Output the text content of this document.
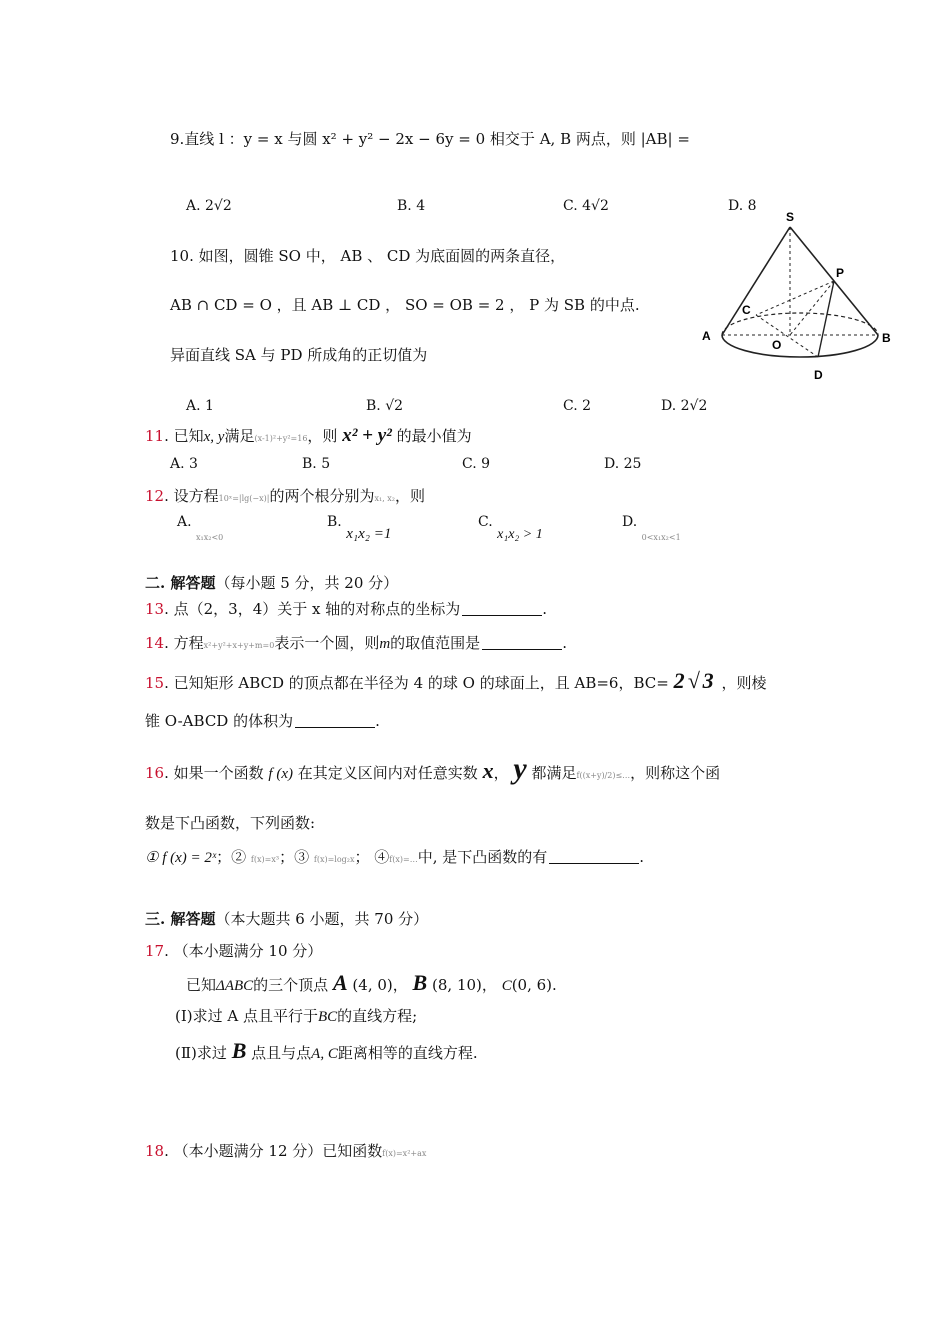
9.直线 l ：y = x 与圆 x² + y² − 2x − 6y = 0 相交于 A, B 两点，则 |AB| =
A. 2√2	B. 4	C. 4√2	D. 8
10. 如图，圆锥 SO 中， AB 、 CD 为底面圆的两条直径，
AB ∩ CD = O ，且 AB ⊥ CD ， SO = OB = 2 ， P 为 SB 的中点.
异面直线 SA 与 PD 所成角的正切值为
A. 1	B. √2	C. 2	D. 2√2
S
P
C
A
O	B
D
11. 已知x, y满足(x-1)²+y²=16，则 x² + y² 的最小值为
A. 3	B. 5	C. 9	D. 25
12. 设方程10ˣ=|lg(−x)|的两个根分别为x₁, x₂，则
A. $_{x_1x_2<0}$
B. x₁x₂ =1
C. x₁x₂ > 1
D. $_{0<x_1x_2<1}$
二. 解答题（每小题 5 分，共 20 分）
13. 点（2，3，4）关于 x 轴的对称点的坐标为	.
14. 方程x²+y²+x+y+m=0表示一个圆，则m的取值范围是	.
15. 已知矩形 ABCD 的顶点都在半径为 4 的球 O 的球面上，且 AB=6，BC= 2√3 ，则棱
锥 O-ABCD 的体积为	.
16. 如果一个函数 f (x) 在其定义区间内对任意实数 x， y 都满足f((x+y)/2)≤…，则称这个函
数是下凸函数，下列函数:
① f (x) = 2ˣ；② f(x)=x³；③ f(x)=log₂x； ④f(x)=…中, 是下凸函数的有	.
三. 解答题（本大题共 6 小题，共 70 分）
17. （本小题满分 10 分）
已知ΔABC的三个顶点 A (4, 0)， B (8, 10)， C(0, 6).
(Ⅰ)求过 A 点且平行于BC的直线方程;
(Ⅱ)求过 B 点且与点A, C距离相等的直线方程.
18. （本小题满分 12 分）已知函数f(x)=x²+ax
